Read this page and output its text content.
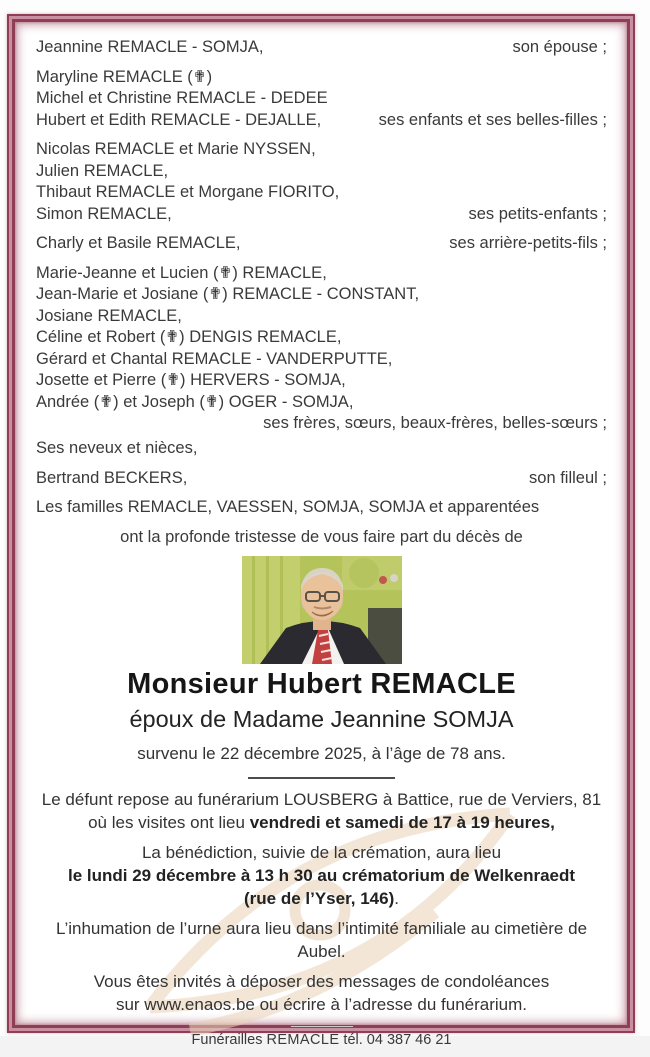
Jeannine REMACLE - SOMJA,	son épouse ;
Maryline REMACLE (✟)
Michel et Christine REMACLE - DEDEE
Hubert et Edith REMACLE - DEJALLE,	ses enfants et ses belles-filles ;
Nicolas REMACLE et Marie NYSSEN,
Julien REMACLE,
Thibaut REMACLE et Morgane FIORITO,
Simon REMACLE,	ses petits-enfants ;
Charly et Basile REMACLE,	ses arrière-petits-fils ;
Marie-Jeanne et Lucien (✟) REMACLE,
Jean-Marie et Josiane (✟) REMACLE - CONSTANT,
Josiane REMACLE,
Céline et Robert (✟) DENGIS REMACLE,
Gérard et Chantal REMACLE - VANDERPUTTE,
Josette et Pierre (✟) HERVERS - SOMJA,
Andrée (✟) et Joseph (✟) OGER - SOMJA,
ses frères, sœurs, beaux-frères, belles-sœurs ;
Ses neveux et nièces,
Bertrand BECKERS,	son filleul ;
Les familles REMACLE, VAESSEN, SOMJA, SOMJA et apparentées
ont la profonde tristesse de vous faire part du décès de
Monsieur Hubert REMACLE
époux de Madame Jeannine SOMJA
survenu le 22 décembre 2025, à l’âge de 78 ans.
Le défunt repose au funérarium LOUSBERG à Battice, rue de Verviers, 81
où les visites ont lieu vendredi et samedi de 17 à 19 heures,
La bénédiction, suivie de la crémation, aura lieu
le lundi 29 décembre à 13 h 30 au crématorium de Welkenraedt
(rue de l’Yser, 146).
L’inhumation de l’urne aura lieu dans l’intimité familiale au cimetière de Aubel.
Vous êtes invités à déposer des messages de condoléances
sur www.enaos.be ou écrire à l’adresse du funérarium.
Funérailles REMACLE tél. 04 387 46 21
